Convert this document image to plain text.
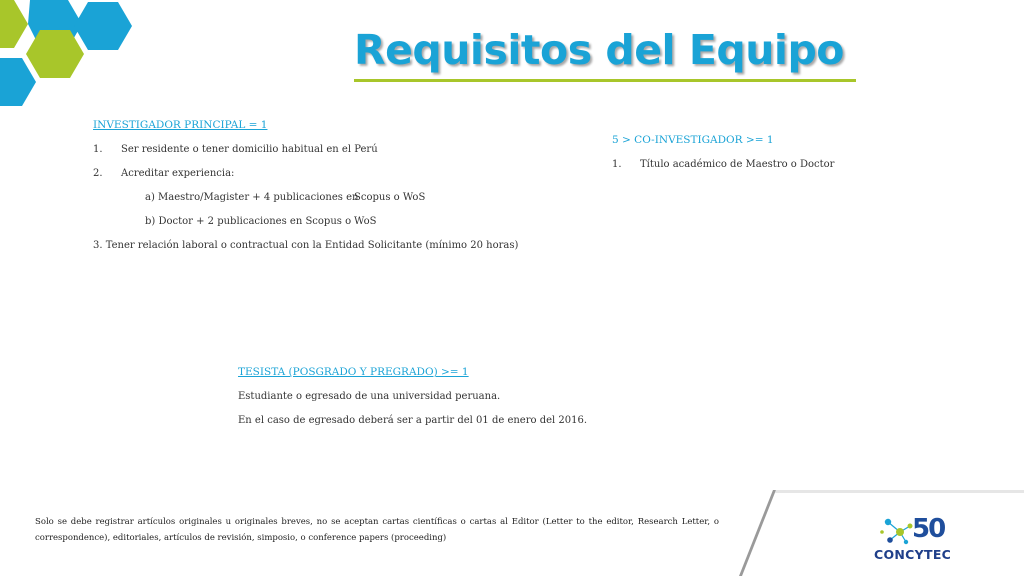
Requisitos del Equipo
INVESTIGADOR PRINCIPAL = 1
1. Ser residente o tener domicilio habitual en el Perú
2. Acreditar experiencia:
a) Maestro/Magister + 4 publicaciones en
Scopus o WoS
b) Doctor + 2 publicaciones en Scopus o WoS
3. Tener relación laboral o contractual con la Entidad Solicitante (mínimo 20 horas)
5 > CO-INVESTIGADOR >= 1
1. Título académico de Maestro o Doctor
TESISTA (POSGRADO Y PREGRADO) >= 1
Estudiante o egresado de una universidad peruana.
En el caso de egresado deberá ser a partir del 01 de enero del 2016.
Solo se debe registrar artículos originales u originales breves, no se aceptan cartas científicas o cartas al Editor (Letter to the editor, Research Letter, o correspondence), editoriales, artículos de revisión, simposio, o conference papers (proceeding)	50
CONCYTEC
